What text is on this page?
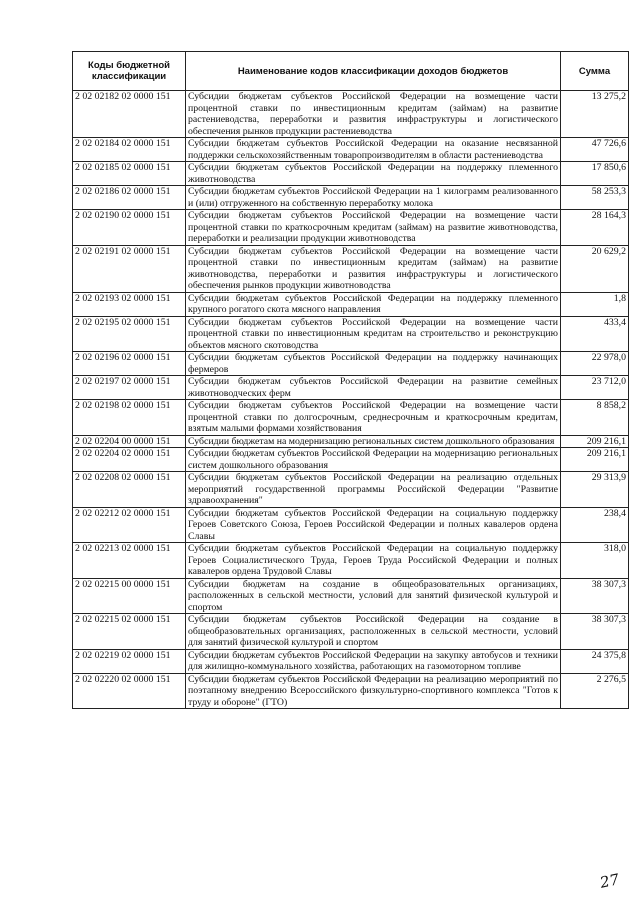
Коды бюджетной классификации	Наименование кодов классификации доходов бюджетов	Сумма
2 02 02182 02 0000 151	Субсидии бюджетам субъектов Российской Федерации на возмещение части процентной ставки по инвестиционным кредитам (займам) на развитие растениеводства, переработки и развития инфраструктуры и логистического обеспечения рынков продукции растениеводства	13 275,2
2 02 02184 02 0000 151	Субсидии бюджетам субъектов Российской Федерации на оказание несвязанной поддержки сельскохозяйственным товаропроизводителям в области растениеводства	47 726,6
2 02 02185 02 0000 151	Субсидии бюджетам субъектов Российской Федерации на поддержку племенного животноводства	17 850,6
2 02 02186 02 0000 151	Субсидии бюджетам субъектов Российской Федерации на 1 килограмм реализованного и (или) отгруженного на собственную переработку молока	58 253,3
2 02 02190 02 0000 151	Субсидии бюджетам субъектов Российской Федерации на возмещение части процентной ставки по краткосрочным кредитам (займам) на развитие животноводства, переработки и реализации продукции животноводства	28 164,3
2 02 02191 02 0000 151	Субсидии бюджетам субъектов Российской Федерации на возмещение части процентной ставки по инвестиционным кредитам (займам) на развитие животноводства, переработки и развития инфраструктуры и логистического обеспечения рынков продукции животноводства	20 629,2
2 02 02193 02 0000 151	Субсидии бюджетам субъектов Российской Федерации на поддержку племенного крупного рогатого скота мясного направления	1,8
2 02 02195 02 0000 151	Субсидии бюджетам субъектов Российской Федерации на возмещение части процентной ставки по инвестиционным кредитам на строительство и реконструкцию объектов мясного скотоводства	433,4
2 02 02196 02 0000 151	Субсидии бюджетам субъектов Российской Федерации на поддержку начинающих фермеров	22 978,0
2 02 02197 02 0000 151	Субсидии бюджетам субъектов Российской Федерации на развитие семейных животноводческих ферм	23 712,0
2 02 02198 02 0000 151	Субсидии бюджетам субъектов Российской Федерации на возмещение части процентной ставки по долгосрочным, среднесрочным и краткосрочным кредитам, взятым малыми формами хозяйствования	8 858,2
2 02 02204 00 0000 151	Субсидии бюджетам на модернизацию региональных систем дошкольного образования	209 216,1
2 02 02204 02 0000 151	Субсидии бюджетам субъектов Российской Федерации на модернизацию региональных систем дошкольного образования	209 216,1
2 02 02208 02 0000 151	Субсидии бюджетам субъектов Российской Федерации на реализацию отдельных мероприятий государственной программы Российской Федерации "Развитие здравоохранения"	29 313,9
2 02 02212 02 0000 151	Субсидии бюджетам субъектов Российской Федерации на социальную поддержку Героев Советского Союза, Героев Российской Федерации и полных кавалеров ордена Славы	238,4
2 02 02213 02 0000 151	Субсидии бюджетам субъектов Российской Федерации на социальную поддержку Героев Социалистического Труда, Героев Труда Российской Федерации и полных кавалеров ордена Трудовой Славы	318,0
2 02 02215 00 0000 151	Субсидии бюджетам на создание в общеобразовательных организациях, расположенных в сельской местности, условий для занятий физической культурой и спортом	38 307,3
2 02 02215 02 0000 151	Субсидии бюджетам субъектов Российской Федерации на создание в общеобразовательных организациях, расположенных в сельской местности, условий для занятий физической культурой и спортом	38 307,3
2 02 02219 02 0000 151	Субсидии бюджетам субъектов Российской Федерации на закупку автобусов и техники для жилищно-коммунального хозяйства, работающих на газомоторном топливе	24 375,8
2 02 02220 02 0000 151	Субсидии бюджетам субъектов Российской Федерации на реализацию мероприятий по поэтапному внедрению Всероссийского физкультурно-спортивного комплекса "Готов к труду и обороне" (ГТО)	2 276,5
27
